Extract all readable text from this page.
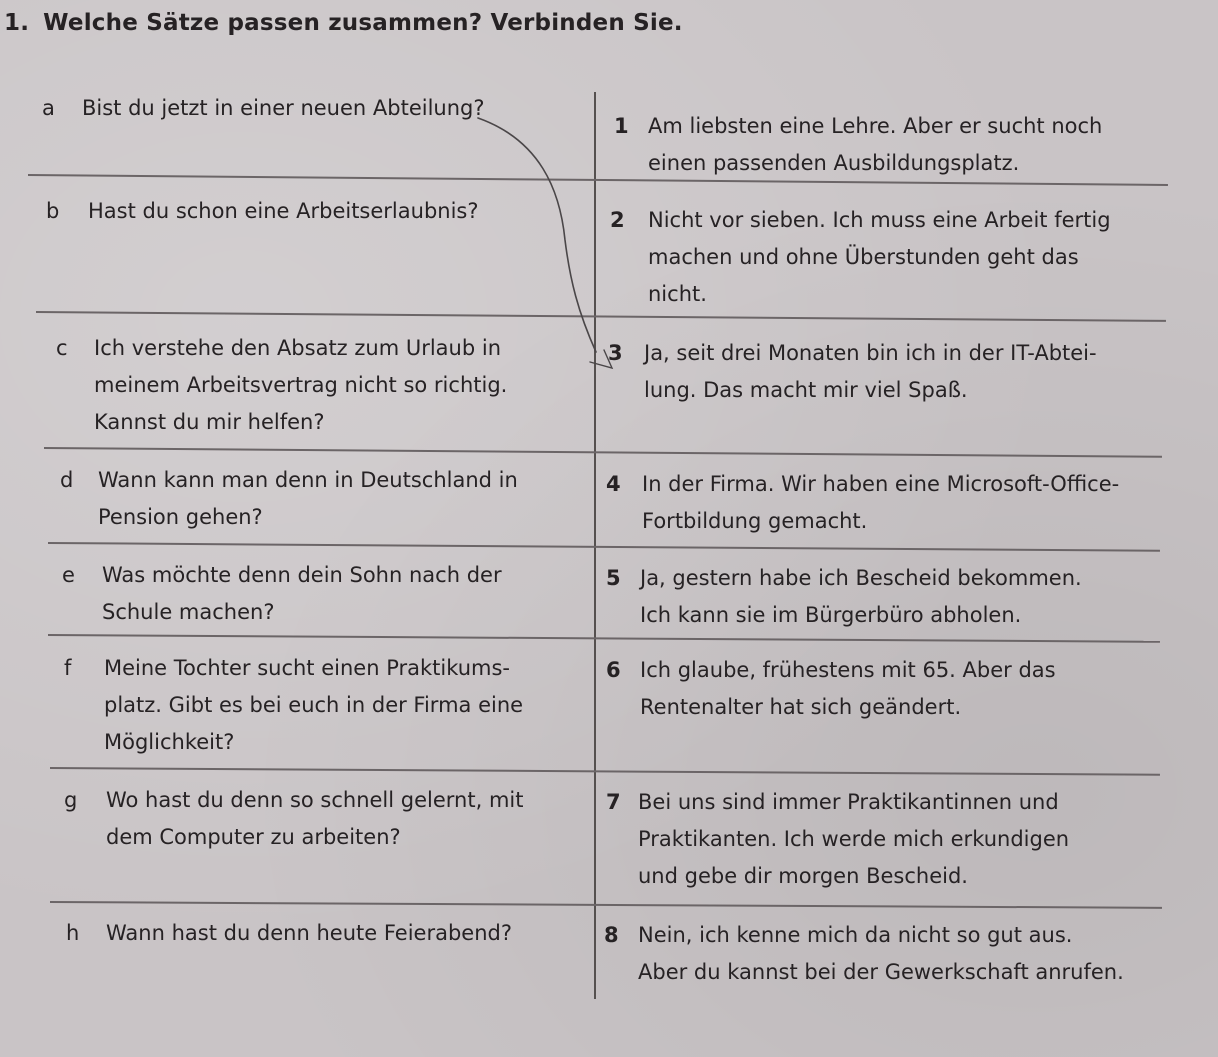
1. Welche Sätze passen zusammen? Verbinden Sie.
a Bist du jetzt in einer neuen Abteilung?
b Hast du schon eine Arbeitserlaubnis?
c Ich verstehe den Absatz zum Urlaub in
meinem Arbeitsvertrag nicht so richtig.
Kannst du mir helfen?
d Wann kann man denn in Deutschland in
Pension gehen?
e Was möchte denn dein Sohn nach der
Schule machen?
f Meine Tochter sucht einen Praktikums-
platz. Gibt es bei euch in der Firma eine
Möglichkeit?
g Wo hast du denn so schnell gelernt, mit
dem Computer zu arbeiten?
h Wann hast du denn heute Feierabend?
1 Am liebsten eine Lehre. Aber er sucht noch
einen passenden Ausbildungsplatz.
2 Nicht vor sieben. Ich muss eine Arbeit fertig
machen und ohne Überstunden geht das
nicht.
3 Ja, seit drei Monaten bin ich in der IT-Abtei-
lung. Das macht mir viel Spaß.
4 In der Firma. Wir haben eine Microsoft-Office-
Fortbildung gemacht.
5 Ja, gestern habe ich Bescheid bekommen.
Ich kann sie im Bürgerbüro abholen.
6 Ich glaube, frühestens mit 65. Aber das
Rentenalter hat sich geändert.
7 Bei uns sind immer Praktikantinnen und
Praktikanten. Ich werde mich erkundigen
und gebe dir morgen Bescheid.
8 Nein, ich kenne mich da nicht so gut aus.
Aber du kannst bei der Gewerkschaft anrufen.
